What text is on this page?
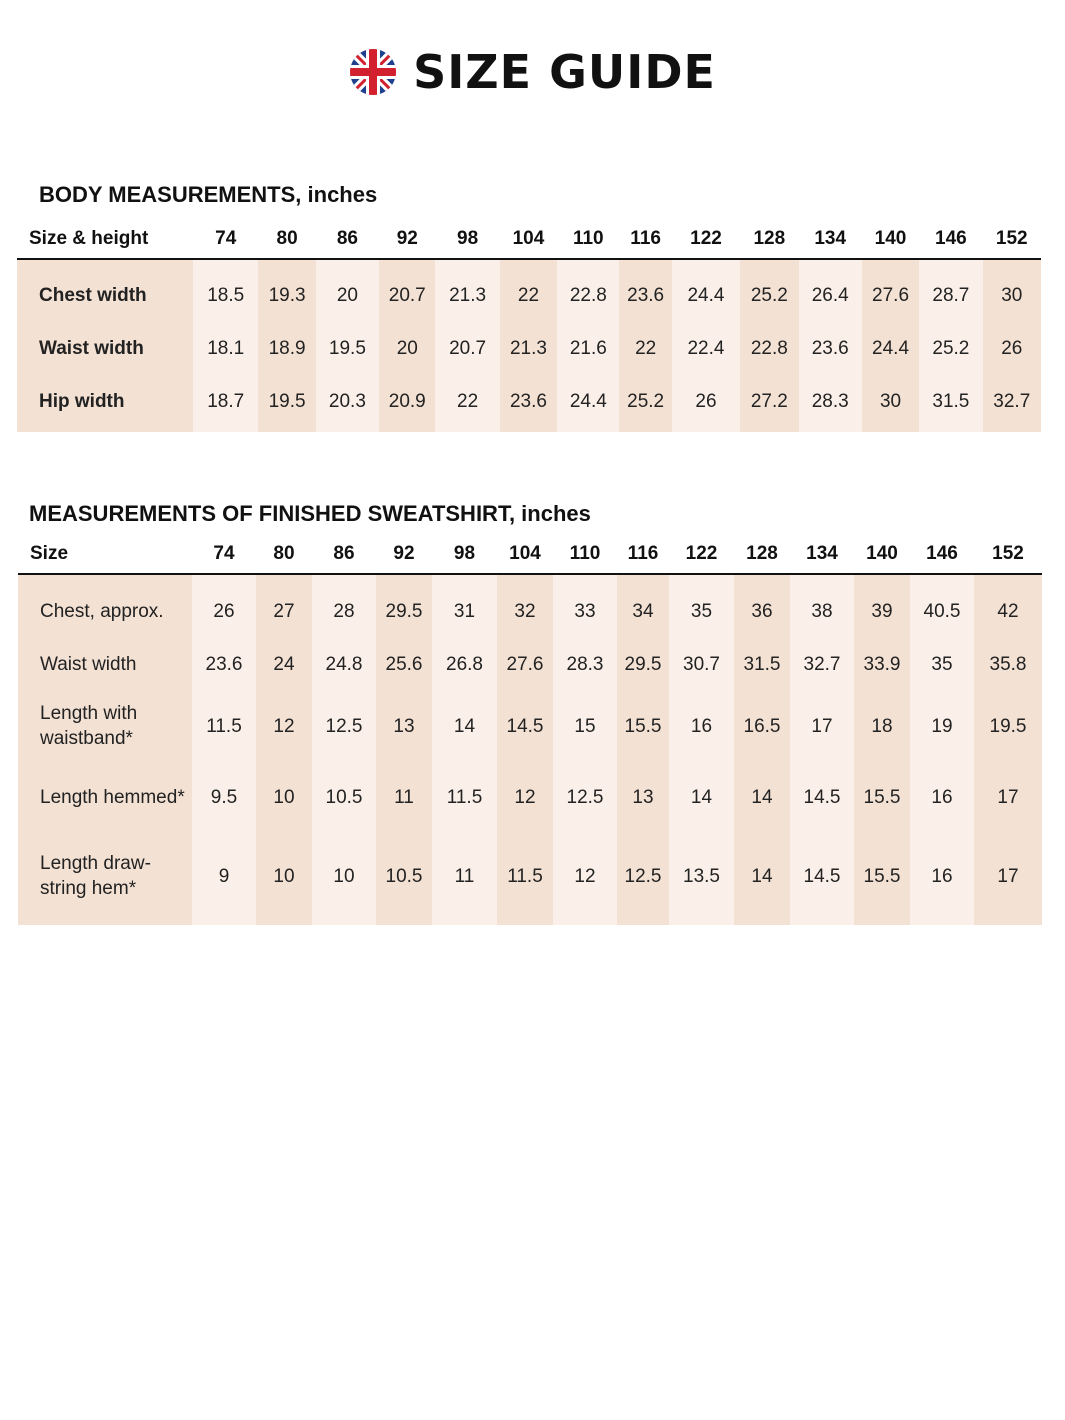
SIZE GUIDE
BODY MEASUREMENTS, inches
Size & height	74	80	86	92	98	104	110	116	122	128	134	140	146	152

Chest width	18.5	19.3	20	20.7	21.3	22	22.8	23.6	24.4	25.2	26.4	27.6	28.7	30
Waist width	18.1	18.9	19.5	20	20.7	21.3	21.6	22	22.4	22.8	23.6	24.4	25.2	26
Hip width	18.7	19.5	20.3	20.9	22	23.6	24.4	25.2	26	27.2	28.3	30	31.5	32.7

MEASUREMENTS OF FINISHED SWEATSHIRT, inches
Size	74	80	86	92	98	104	110	116	122	128	134	140	146	152

Chest, approx.	26	27	28	29.5	31	32	33	34	35	36	38	39	40.5	42
Waist width	23.6	24	24.8	25.6	26.8	27.6	28.3	29.5	30.7	31.5	32.7	33.9	35	35.8
Length with waistband*	11.5	12	12.5	13	14	14.5	15	15.5	16	16.5	17	18	19	19.5
Length hemmed*	9.5	10	10.5	11	11.5	12	12.5	13	14	14	14.5	15.5	16	17
Length draw-string hem*	9	10	10	10.5	11	11.5	12	12.5	13.5	14	14.5	15.5	16	17
